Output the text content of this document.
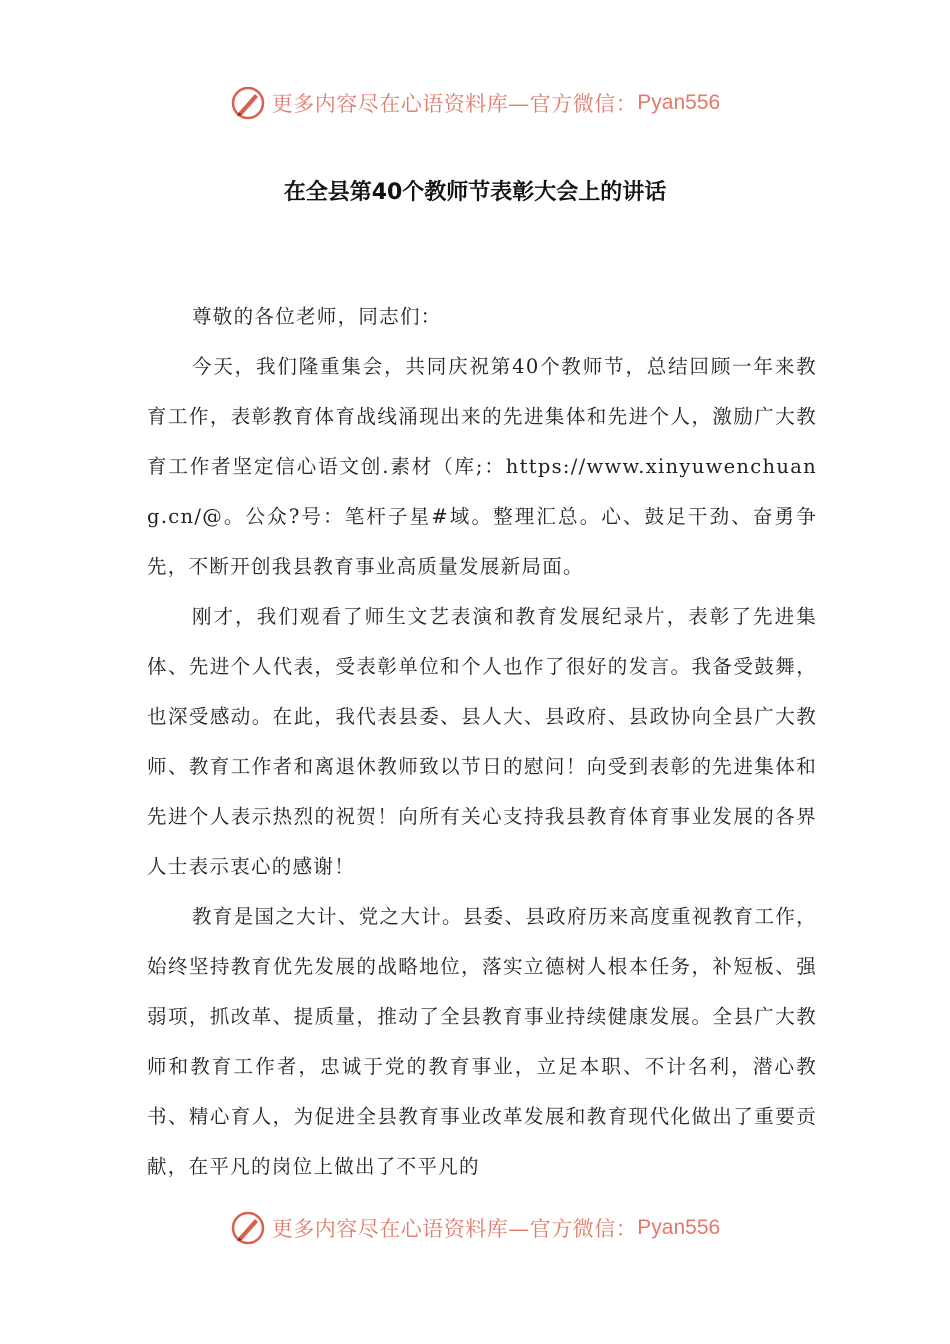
更多内容尽在心语资料库—官方微信： Pyan556
在全县第40个教师节表彰大会上的讲话

尊敬的各位老师，同志们：

今天，我们隆重集会，共同庆祝第40个教师节，总结回顾一年来教育工作，表彰教育体育战线涌现出来的先进集体和先进个人，激励广大教育工作者坚定信心语文创.素材（库;：https://www.xinyuwenchuang.cn/@。公众?号：笔杆子星#域。整理汇总。心、鼓足干劲、奋勇争先，不断开创我县教育事业高质量发展新局面。

刚才，我们观看了师生文艺表演和教育发展纪录片，表彰了先进集体、先进个人代表，受表彰单位和个人也作了很好的发言。我备受鼓舞，也深受感动。在此，我代表县委、县人大、县政府、县政协向全县广大教师、教育工作者和离退休教师致以节日的慰问！向受到表彰的先进集体和先进个人表示热烈的祝贺！向所有关心支持我县教育体育事业发展的各界人士表示衷心的感谢！

教育是国之大计、党之大计。县委、县政府历来高度重视教育工作，始终坚持教育优先发展的战略地位，落实立德树人根本任务，补短板、强弱项，抓改革、提质量，推动了全县教育事业持续健康发展。全县广大教师和教育工作者，忠诚于党的教育事业，立足本职、不计名利，潜心教书、精心育人，为促进全县教育事业改革发展和教育现代化做出了重要贡献，在平凡的岗位上做出了不平凡的

更多内容尽在心语资料库—官方微信： Pyan556
